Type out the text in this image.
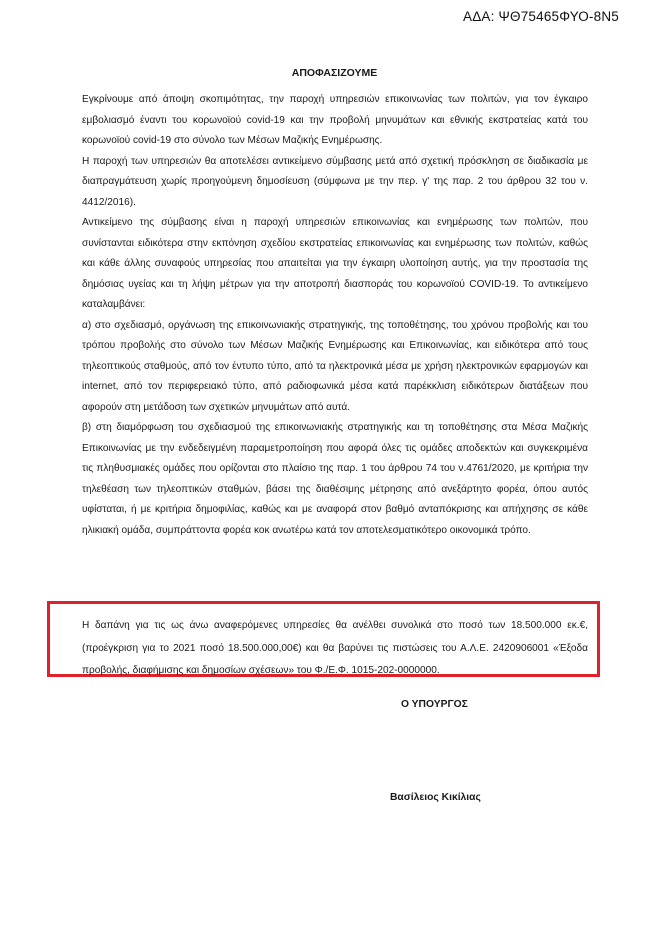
ΑΔΑ: ΨΘ75465ΦΥΟ-8Ν5
ΑΠΟΦΑΣΙΖΟΥΜΕ

Εγκρίνουμε από άποψη σκοπιμότητας, την παροχή υπηρεσιών επικοινωνίας των πολιτών, για τον έγκαιρο εμβολιασμό έναντι του κορωνοϊού covid-19 και την προβολή μηνυμάτων και εθνικής εκστρατείας κατά του κορωνοϊού covid-19 στο σύνολο των Μέσων Μαζικής Ενημέρωσης.

Η παροχή των υπηρεσιών θα αποτελέσει αντικείμενο σύμβασης μετά από σχετική πρόσκληση σε διαδικασία με διαπραγμάτευση χωρίς προηγούμενη δημοσίευση (σύμφωνα με την περ. γ' της παρ. 2 του άρθρου 32 του ν. 4412/2016).

Αντικείμενο της σύμβασης είναι η παροχή υπηρεσιών επικοινωνίας και ενημέρωσης των πολιτών, που συνίστανται ειδικότερα στην εκπόνηση σχεδίου εκστρατείας επικοινωνίας και ενημέρωσης των πολιτών, καθώς και κάθε άλλης συναφούς υπηρεσίας που απαιτείται για την έγκαιρη υλοποίηση αυτής, για την προστασία της δημόσιας υγείας και τη λήψη μέτρων για την αποτροπή διασποράς του κορωνοϊού COVID-19. Το αντικείμενο καταλαμβάνει:

α) στο σχεδιασμό, οργάνωση της επικοινωνιακής στρατηγικής, της τοποθέτησης, του χρόνου προβολής και του τρόπου προβολής στο σύνολο των Μέσων Μαζικής Ενημέρωσης και Επικοινωνίας, και ειδικότερα από τους τηλεοπτικούς σταθμούς, από τον έντυπο τύπο, από τα ηλεκτρονικά μέσα με χρήση ηλεκτρονικών εφαρμογών και internet, από τον περιφερειακό τύπο, από ραδιοφωνικά μέσα κατά παρέκκλιση ειδικότερων διατάξεων που αφορούν στη μετάδοση των σχετικών μηνυμάτων από αυτά.

β) στη διαμόρφωση του σχεδιασμού της επικοινωνιακής στρατηγικής και τη τοποθέτησης στα Μέσα Μαζικής Επικοινωνίας με την ενδεδειγμένη παραμετροποίηση που αφορά όλες τις ομάδες αποδεκτών και συγκεκριμένα τις πληθυσμιακές ομάδες που ορίζονται στο πλαίσιο της παρ. 1 του άρθρου 74 του ν.4761/2020, με κριτήρια την τηλεθέαση των τηλεοπτικών σταθμών, βάσει της διαθέσιμης μέτρησης από ανεξάρτητο φορέα, όπου αυτός υφίσταται, ή με κριτήρια δημοφιλίας, καθώς και με αναφορά στον βαθμό ανταπόκρισης και απήχησης σε κάθε ηλικιακή ομάδα, συμπράττοντα φορέα κοκ ανωτέρω κατά τον αποτελεσματικότερο οικονομικά τρόπο.

Η δαπάνη για τις ως άνω αναφερόμενες υπηρεσίες θα ανέλθει συνολικά στο ποσό των 18.500.000 εκ.€, (προέγκριση για το 2021 ποσό 18.500.000,00€) και θα βαρύνει τις πιστώσεις του Α.Λ.Ε. 2420906001 «Έξοδα προβολής, διαφήμισης και δημοσίων σχέσεων» του Φ./Ε.Φ. 1015-202-0000000.

Ο ΥΠΟΥΡΓΟΣ
Βασίλειος Κικίλιας
